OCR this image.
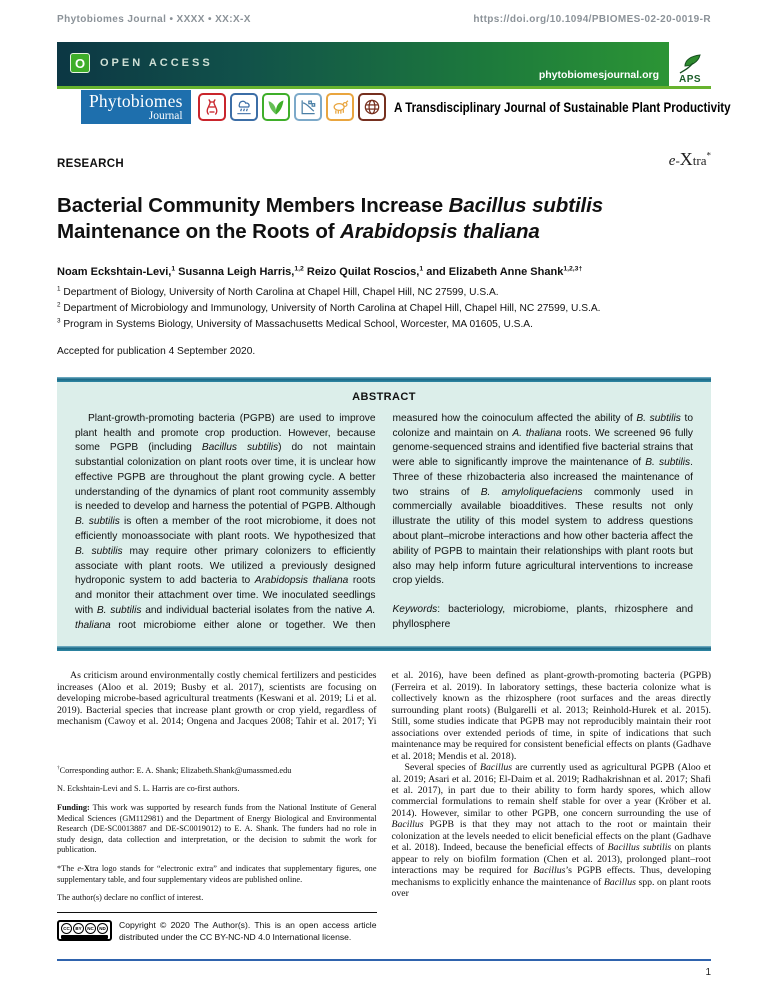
Phytobiomes Journal • XXXX • XX:X-X	https://doi.org/10.1094/PBIOMES-02-20-0019-R
O OPEN ACCESS
phytobiomesjournal.org APS
Phytobiomes
Journal
A Transdisciplinary Journal of Sustainable Plant Productivity
RESEARCH	e-Xtra*
Bacterial Community Members Increase Bacillus subtilis
Maintenance on the Roots of Arabidopsis thaliana
Noam Eckshtain-Levi,$^1$ Susanna Leigh Harris,$^{1,2}$ Reizo Quilat Roscios,$^1$ and Elizabeth Anne Shank$^{1,2,3\dagger}$
$^1$ Department of Biology, University of North Carolina at Chapel Hill, Chapel Hill, NC 27599, U.S.A.
$^2$ Department of Microbiology and Immunology, University of North Carolina at Chapel Hill, Chapel Hill, NC 27599, U.S.A.
$^3$ Program in Systems Biology, University of Massachusetts Medical School, Worcester, MA 01605, U.S.A.
Accepted for publication 4 September 2020.
ABSTRACT
Plant-growth-promoting bacteria (PGPB) are used to improve plant health and promote crop production. However, because some PGPB (including Bacillus subtilis) do not maintain substantial colonization on plant roots over time, it is unclear how effective PGPB are throughout the plant growing cycle. A better understanding of the dynamics of plant root community assembly is needed to develop and harness the potential of PGPB. Although B. subtilis is often a member of the root microbiome, it does not efficiently monoassociate with plant roots. We hypothesized that B. subtilis may require other primary colonizers to efficiently associate with plant roots. We utilized a previously designed hydroponic system to add bacteria to Arabidopsis thaliana roots and monitor their attachment over time. We inoculated seedlings with B. subtilis and individual bacterial isolates from the native A. thaliana root microbiome either alone or together. We then
measured how the coinoculum affected the ability of B. subtilis to colonize and maintain on A. thaliana roots. We screened 96 fully genome-sequenced strains and identified five bacterial strains that were able to significantly improve the maintenance of B. subtilis. Three of these rhizobacteria also increased the maintenance of two strains of B. amyloliquefaciens commonly used in commercially available bioadditives. These results not only illustrate the utility of this model system to address questions about plant–microbe interactions and how other bacteria affect the ability of PGPB to maintain their relationships with plant roots but also may help inform future agricultural interventions to increase crop yields.
Keywords: bacteriology, microbiome, plants, rhizosphere and phyllosphere

As criticism around environmentally costly chemical fertilizers and pesticides increases (Aloo et al. 2019; Busby et al. 2017), scientists are focusing on developing microbe-based agricultural treatments (Keswani et al. 2019; Li et al. 2019). Bacterial species that increase plant growth or crop yield, regardless of mechanism (Cawoy et al. 2014; Ongena and Jacques 2008; Tahir et al. 2017; Yi

†Corresponding author: E. A. Shank; Elizabeth.Shank@umassmed.edu
N. Eckshtain-Levi and S. L. Harris are co-first authors.
Funding: This work was supported by research funds from the National Institute of General Medical Sciences (GM112981) and the Department of Energy Biological and Environmental Research (DE-SC0013887 and DE-SC0019012) to E. A. Shank. The funders had no role in study design, data collection and interpretation, or the decision to submit the work for publication.
*The e-Xtra logo stands for “electronic extra” and indicates that supplementary figures, one supplementary table, and four supplementary videos are published online.
The author(s) declare no conflict of interest.
CC	BY	NC	ND Copyright © 2020 The Author(s). This is an open access article distributed under the CC BY-NC-ND 4.0 International license.

et al. 2016), have been defined as plant-growth-promoting bacteria (PGPB) (Ferreira et al. 2019). In laboratory settings, these bacteria colonize what is collectively known as the rhizosphere (root surfaces and the areas directly surrounding plant roots) (Bulgarelli et al. 2013; Reinhold-Hurek et al. 2015). Still, some studies indicate that PGPB may not reproducibly maintain their root associations over extended periods of time, in spite of indications that such maintenance may be required for consistent beneficial effects on plants (Gadhave et al. 2018; Mendis et al. 2018).

Several species of Bacillus are currently used as agricultural PGPB (Aloo et al. 2019; Asari et al. 2016; El-Daim et al. 2019; Radhakrishnan et al. 2017; Shafi et al. 2017), in part due to their ability to form hardy spores, which allow commercial formulations to remain shelf stable for over a year (Kröber et al. 2014). However, similar to other PGPB, one concern surrounding the use of Bacillus PGPB is that they may not attach to the root or maintain their colonization at the levels needed to elicit beneficial effects on the plant (Gadhave et al. 2018). Indeed, because the beneficial effects of Bacillus subtilis on plants appear to rely on biofilm formation (Chen et al. 2013), prolonged plant–root interactions may be required for Bacillus’s PGPB effects. Thus, developing mechanisms to explicitly enhance the maintenance of Bacillus spp. on plant roots over

1
